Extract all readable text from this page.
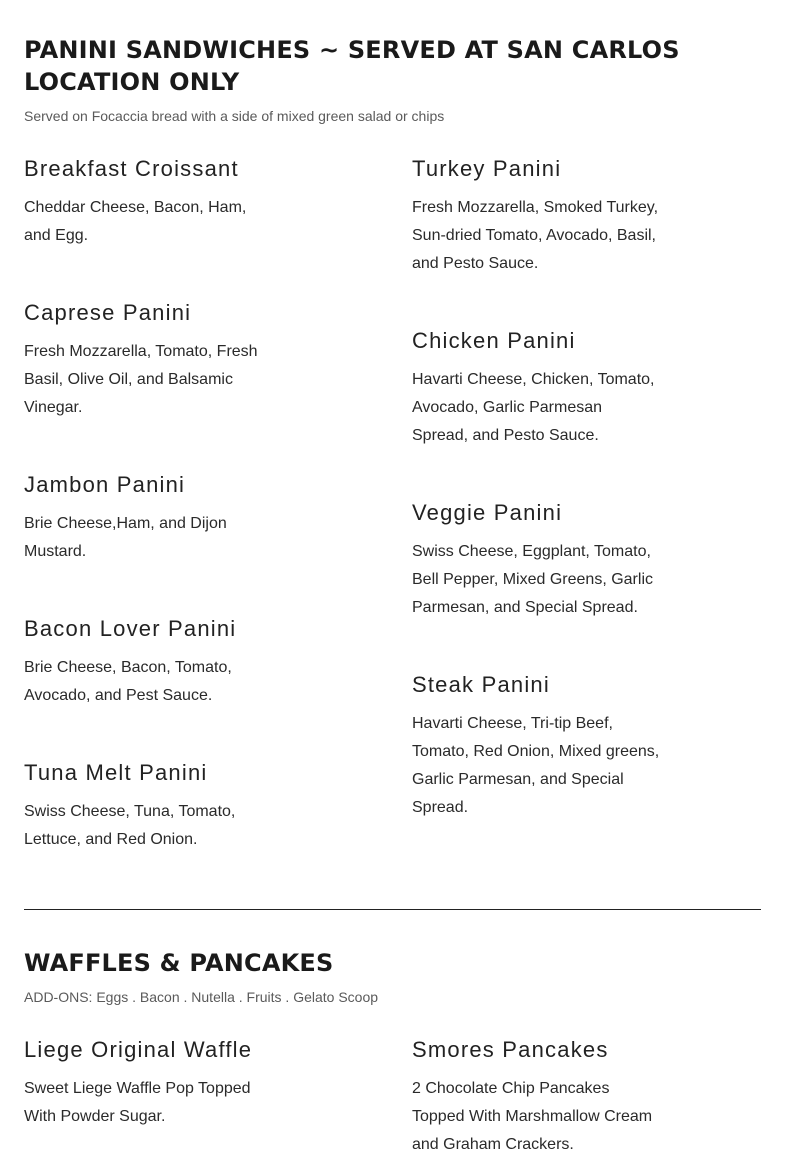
PANINI SANDWICHES ~ SERVED AT SAN CARLOS LOCATION ONLY

Served on Focaccia bread with a side of mixed green salad or chips

Breakfast Croissant

Cheddar Cheese, Bacon, Ham, and Egg.

Caprese Panini

Fresh Mozzarella, Tomato, Fresh Basil, Olive Oil, and Balsamic Vinegar.

Jambon Panini

Brie Cheese,Ham, and Dijon Mustard.

Bacon Lover Panini

Brie Cheese, Bacon, Tomato, Avocado, and Pest Sauce.

Tuna Melt Panini

Swiss Cheese, Tuna, Tomato, Lettuce, and Red Onion.

Turkey Panini

Fresh Mozzarella, Smoked Turkey, Sun-dried Tomato, Avocado, Basil, and Pesto Sauce.

Chicken Panini

Havarti Cheese, Chicken, Tomato, Avocado, Garlic Parmesan Spread, and Pesto Sauce.

Veggie Panini

Swiss Cheese, Eggplant, Tomato, Bell Pepper, Mixed Greens, Garlic Parmesan, and Special Spread.

Steak Panini

Havarti Cheese, Tri-tip Beef, Tomato, Red Onion, Mixed greens, Garlic Parmesan, and Special Spread.

WAFFLES & PANCAKES

ADD-ONS: Eggs . Bacon . Nutella . Fruits . Gelato Scoop

Liege Original Waffle

Sweet Liege Waffle Pop Topped With Powder Sugar.

Smores Pancakes

2 Chocolate Chip Pancakes Topped With Marshmallow Cream and Graham Crackers.
